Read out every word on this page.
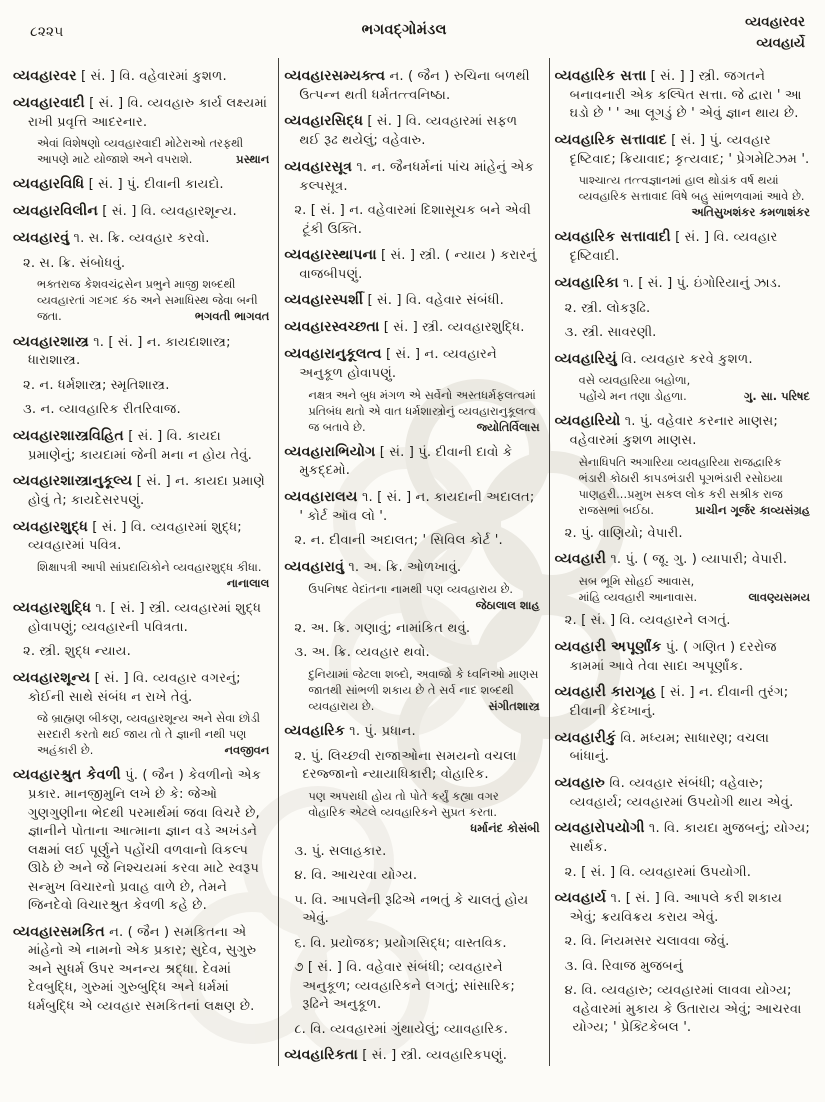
૮૨૨૫	ભગવદ્ગોમંડલ	વ્યવહારવર
વ્યવહાર્યે

વ્યવહારવર [ સં. ] વિ. વહેવારમાં કુશળ.

વ્યવહારવાદી [ સં. ] વિ. વ્યવહારુ કાર્ય લક્ષ્યમાં રાખી પ્રવૃત્તિ આદરનાર.

એવાં વિશેષણો વ્યવહારવાદી મોટેરાઓ તરફથી આપણે માટે યોજાશે અને વપરાશે.	પ્રસ્થાન

વ્યવહારવિધિ [ સં. ] પું. દીવાની કાયદો.

વ્યવહારવિલીન [ સં. ] વિ. વ્યવહારશૂન્ય.

વ્યવહારવું ૧. સ. ક્રિ. વ્યવહાર કરવો.

૨. સ. ક્રિ. સંબોધવું.

ભક્તરાજ કેશવચંદ્રસેન પ્રભુને માજી શબ્દથી વ્યવહારતાં ગદગદ કંઠ અને સમાધિસ્થ જેવા બની જતા.	ભગવતી ભાગવત

વ્યવહારશાસ્ત્ર ૧. [ સં. ] ન. કાયદાશાસ્ત્ર; ધારાશાસ્ત્ર.

૨. ન. ધર્મશાસ્ત્ર; સ્મૃતિશાસ્ત્ર.

૩. ન. વ્યાવહારિક રીતરિવાજ.

વ્યવહારશાસ્ત્રવિહિત [ સં. ] વિ. કાયદા પ્રમાણેનું; કાયદામાં જેની મના ન હોય તેવું.

વ્યવહારશાસ્ત્રાનુકૂલ્ય [ સં. ] ન. કાયદા પ્રમાણે હોવું તે; કાયદેસરપણું.

વ્યવહારશુદ્ધ [ સં. ] વિ. વ્યવહારમાં શુદ્ધ; વ્યવહારમાં પવિત્ર.

શિક્ષાપત્રી આપી સાંપ્રદાયિકોને વ્યવહારશુદ્ધ કીધા.
નાનાલાલ

વ્યવહારશુદ્ધિ ૧. [ સં. ] સ્ત્રી. વ્યવહારમાં શુદ્ધ હોવાપણું; વ્યવહારની પવિત્રતા.

૨. સ્ત્રી. શુદ્ધ ન્યાય.

વ્યવહારશૂન્ય [ સં. ] વિ. વ્યવહાર વગરનું; કોઈની સાથે સંબંધ ન રાખે તેવું.

જે બ્રાહ્મણ બીકણ, વ્યવહારશૂન્ય અને સેવા છોડી સરદારી કરતો થઈ જાય તો તે જ્ઞાની નથી પણ અહંકારી છે.	નવજીવન

વ્યવહારશ્રુત કેવળી પું. ( જૈન ) કેવળીનો એક પ્રકાર. માનજીમુનિ લખે છે કે: જેઓ ગુણગુણીના ભેદથી પરમાર્થમાં જવા વિચરે છે, જ્ઞાનીને પોતાના આત્માના જ્ઞાન વડે અખંડને લક્ષમાં લઈ પૂર્ણુને પહોંચી વળવાનો વિકલ્પ ઊઠે છે અને જે નિશ્ચયમાં કરવા માટે સ્વરૂપ સન્મુખ વિચારનો પ્રવાહ વાળે છે, તેમને જિનદેવો વિચારશ્રુત કેવળી કહે છે.

વ્યવહારસમકિત ન. ( જૈન ) સમકિતના એ માંહેનો એ નામનો એક પ્રકાર; સુદેવ, સુગુરુ અને સુધર્મ ઉપર અનન્ય શ્રદ્ધા. દેવમાં દેવબુદ્ધિ, ગુરુમાં ગુરુબુદ્ધિ અને ધર્મમાં ધર્મબુદ્ધિ એ વ્યવહાર સમકિતનાં લક્ષણ છે.

વ્યવહારસમ્યક્ત્વ ન. ( જૈન ) રુચિના બળથી ઉત્પન્ન થતી ધર્મતત્ત્વનિષ્ઠા.

વ્યવહારસિદ્ધ [ સં. ] વિ. વ્યવહારમાં સફળ થઈ રૂઢ થયેલું; વહેવારુ.

વ્યવહારસૂત્ર ૧. ન. જૈનધર્મનાં પાંચ માંહેનું એક કલ્પસૂત્ર.

૨. [ સં. ] ન. વહેવારમાં દિશાસૂચક બને એવી ટૂંકી ઉક્તિ.

વ્યવહારસ્થાપના [ સં. ] સ્ત્રી. ( ન્યાય ) કરારનું વાજબીપણું.

વ્યવહારસ્પર્શી [ સં. ] વિ. વહેવાર સંબંધી.

વ્યવહારસ્વચ્છતા [ સં. ] સ્ત્રી. વ્યવહારશુદ્ધિ.

વ્યવહારાનુકૂલત્વ [ સં. ] ન. વ્યવહારને અનુકૂળ હોવાપણું.

નક્ષત્ર અને બુધ મંગળ એ સર્વેનો અસ્તધર્મફલત્વમાં પ્રતિબંધ થતો એ વાત ધર્મશાસ્ત્રોનું વ્યવહારાનુકૂલત્વ જ બતાવે છે.	જ્યોતિર્વિલાસ

વ્યવહારાભિયોગ [ સં. ] પું. દીવાની દાવો કે મુકદ્દમો.

વ્યવહારાલય ૧. [ સં. ] ન. કાયદાની અદાલત; ' કોર્ટ ઑવ લો '.

૨. ન. દીવાની અદાલત; ' સિવિલ કોર્ટ '.

વ્યવહારાવું ૧. અ. ક્રિ. ઓળખાવું.

ઉપનિષદ વેદાંતના નામથી પણ વ્યવહારાય છે.
જેઠાલાલ શાહ

૨. અ. ક્રિ. ગણાવું; નામાંકિત થવું.

૩. અ. ક્રિ. વ્યવહાર થવો.

દુનિયામાં જેટલા શબ્દો, અવાજો કે ધ્વનિઓ માણસ જાતથી સાંભળી શકાય છે તે સર્વ નાદ શબ્દથી વ્યવહારાય છે.	સંગીતશાસ્ત્ર

વ્યવહારિક ૧. પું. પ્રધાન.

૨. પું. લિચ્છવી રાજાઓના સમયનો વચલા દરજ્જાનો ન્યાયાધિકારી; વોહારિક.

પણ અપરાધી હોય તો પોતે કર્યું કહ્યા વગર વોહારિક એટલે વ્યવહારિકને સુપ્રત કરતા.
ધર્માનંદ કોસંબી

૩. પું. સલાહકાર.

૪. વિ. આચરવા યોગ્ય.

૫. વિ. આપલેની રૂઢિએ નભતું કે ચાલતું હોય એવું.

૬. વિ. પ્રયોજક; પ્રયોગસિદ્ધ; વાસ્તવિક.

૭ [ સં. ] વિ. વહેવાર સંબંધી; વ્યવહારને અનુકૂળ; વ્યવહારિકને લગતું; સાંસારિક; રૂઢિને અનુકૂળ.

૮. વિ. વ્યવહારમાં ગુંથાયેલું; વ્યાવહારિક.

વ્યવહારિકતા [ સં. ] સ્ત્રી. વ્યવહારિકપણું.

વ્યવહારિક સત્તા [ સં. ] ] સ્ત્રી. જગતને બનાવનારી એક કલ્પિત સત્તા. જે દ્વારા ' આ ઘડો છે ' ' આ લૂગડું છે ' એવું જ્ઞાન થાય છે.

વ્યવહારિક સત્તાવાદ [ સં. ] પું. વ્યવહાર દૃષ્ટિવાદ; ક્રિયાવાદ; કૃત્યવાદ; ' પ્રેગમેટિઝમ '.

પાશ્ચાત્ય તત્ત્વજ્ઞાનમાં હાલ થોડાંક વર્ષ થયાં વ્યવહારિક સત્તાવાદ વિષે બહુ સાંભળવામાં આવે છે.
અતિસુખશંકર કમળાશંકર

વ્યવહારિક સત્તાવાદી [ સં. ] વિ. વ્યવહાર દૃષ્ટિવાદી.

વ્યવહારિકા ૧. [ સં. ] પું. ઇંગોરિયાનું ઝાડ.

૨. સ્ત્રી. લોકરૂઢિ.

૩. સ્ત્રી. સાવરણી.

વ્યવહારિયું વિ. વ્યવહાર કરવે કુશળ.

વસે વ્યવહારિયા બહોળા,
પહોંચે મન તણા ડોહળા.	ગુ. સા. પરિષદ

વ્યવહારિયો ૧. પું. વહેવાર કરનાર માણસ; વહેવારમાં કુશળ માણસ.

સેનાધિપતિ અગારિયા વ્યવહારિયા રાજદ્વારિક ભંડારી કોઠારી કાપડભંડારી પૂગભંડારી રસોઇયા પાણહરી...પ્રમુખ સકલ લોક કરી સશ્રીક રાજ રાજસભાં બઈઠા.	પ્રાચીન ગૂર્જર કાવ્યસંગ્રહ

૨. પું. વાણિયો; વેપારી.

વ્યવહારી ૧. પું. ( જૂ. ગુ. ) વ્યાપારી; વેપારી.

સબ ભૂમિ સોહઈ આવાસ,
માંહિ વ્યવહારી આનાવાસ.	લાવણ્યસમય

૨. [ સં. ] વિ. વ્યવહારને લગતું.

વ્યવહારી અપૂર્ણાંક પું. ( ગણિત ) દરરોજ કામમાં આવે તેવા સાદા અપૂર્ણાંક.

વ્યવહારી કારાગૃહ [ સં. ] ન. દીવાની તુરંગ; દીવાની કેદખાનું.

વ્યવહારીકું વિ. મધ્યમ; સાધારણ; વચલા બાંધાનું.

વ્યવહારુ વિ. વ્યવહાર સંબંધી; વહેવારુ; વ્યવહાર્ય; વ્યવહારમાં ઉપયોગી થાય એવું.

વ્યવહારોપયોગી ૧. વિ. કાયદા મુજબનું; યોગ્ય; સાર્થક.

૨. [ સં. ] વિ. વ્યવહારમાં ઉપયોગી.

વ્યવહાર્ય ૧. [ સં. ] વિ. આપલે કરી શકાય એવું; ક્રયવિક્રય કરાય એવું.

૨. વિ. નિયમસર ચલાવવા જેવું.

૩. વિ. રિવાજ મુજબનું

૪. વિ. વ્યવહારુ; વ્યવહારમાં લાવવા યોગ્ય; વહેવારમાં મુકાય કે ઉતારાય એવું; આચરવા યોગ્ય; ' પ્રેક્ટિકેબલ '.
